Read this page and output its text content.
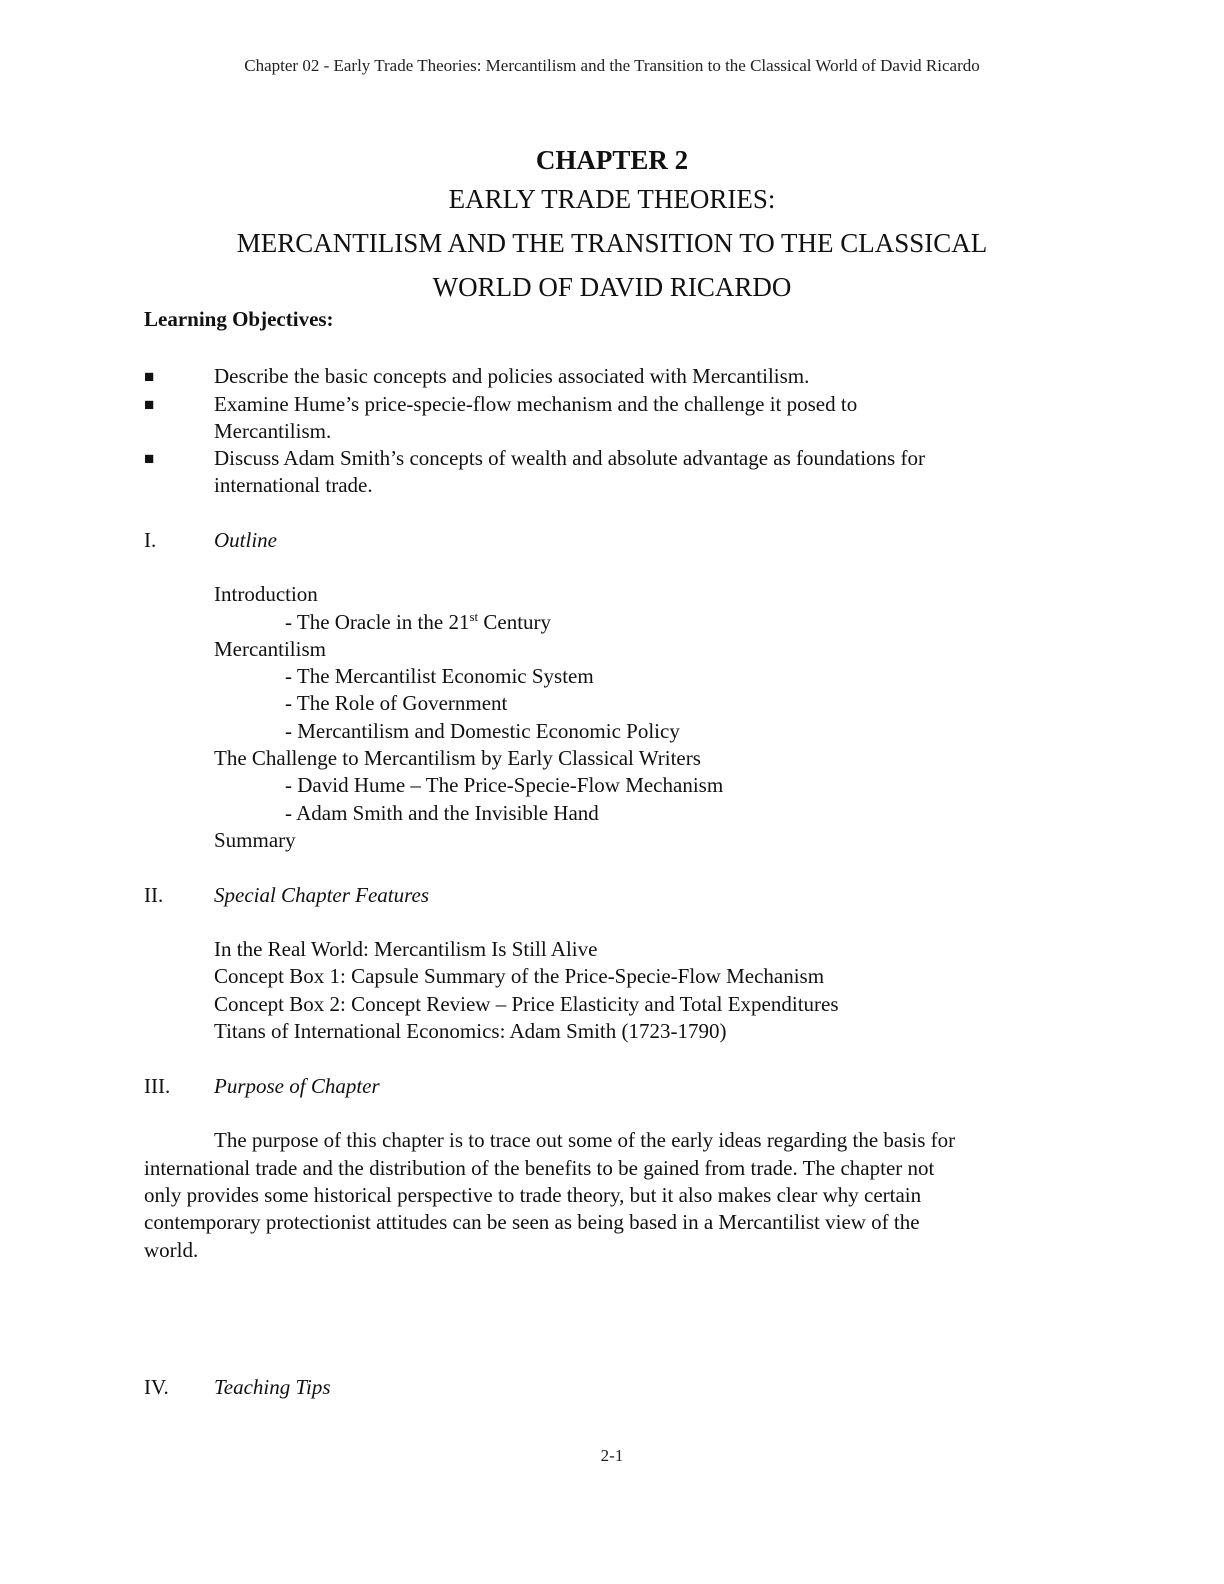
Chapter 02 - Early Trade Theories: Mercantilism and the Transition to the Classical World of David Ricardo
CHAPTER 2
EARLY TRADE THEORIES:
MERCANTILISM AND THE TRANSITION TO THE CLASSICAL
WORLD OF DAVID RICARDO
Learning Objectives:
■	Describe the basic concepts and policies associated with Mercantilism.
■	Examine Hume’s price-specie-flow mechanism and the challenge it posed to
Mercantilism.
■	Discuss Adam Smith’s concepts of wealth and absolute advantage as foundations for
international trade.
I.	Outline
Introduction
- The Oracle in the 21st Century
Mercantilism
- The Mercantilist Economic System
- The Role of Government
- Mercantilism and Domestic Economic Policy
The Challenge to Mercantilism by Early Classical Writers
- David Hume – The Price-Specie-Flow Mechanism
- Adam Smith and the Invisible Hand
Summary
II. Special Chapter Features
In the Real World: Mercantilism Is Still Alive
Concept Box 1: Capsule Summary of the Price-Specie-Flow Mechanism
Concept Box 2: Concept Review – Price Elasticity and Total Expenditures
Titans of International Economics: Adam Smith (1723-1790)
III. Purpose of Chapter
The purpose of this chapter is to trace out some of the early ideas regarding the basis for
international trade and the distribution of the benefits to be gained from trade. The chapter not
only provides some historical perspective to trade theory, but it also makes clear why certain
contemporary protectionist attitudes can be seen as being based in a Mercantilist view of the
world.
IV. Teaching Tips
2-1
